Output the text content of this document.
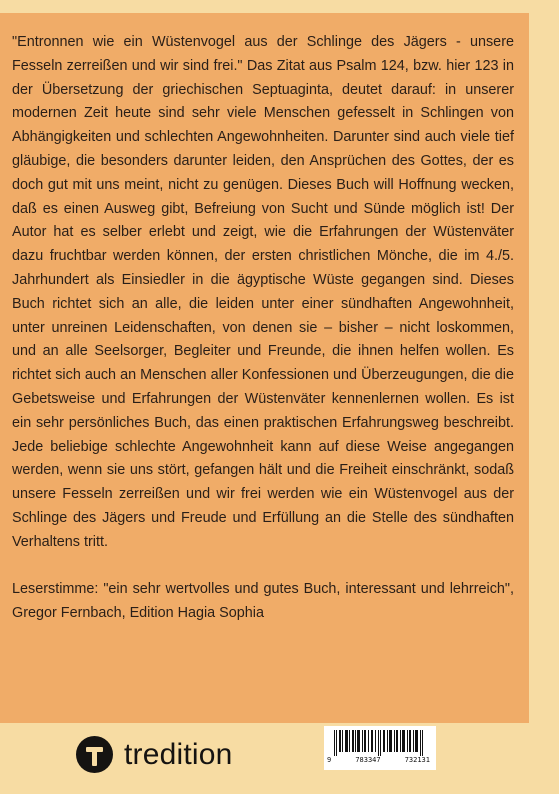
"Entronnen wie ein Wüstenvogel aus der Schlinge des Jägers - unsere Fesseln zerreißen und wir sind frei." Das Zitat aus Psalm 124, bzw. hier 123 in der Übersetzung der griechischen Septuaginta, deutet darauf: in unserer modernen Zeit heute sind sehr viele Menschen gefesselt in Schlingen von Abhängigkeiten und schlechten Angewohnheiten. Darunter sind auch viele tief gläubige, die besonders darunter leiden, den Ansprüchen des Gottes, der es doch gut mit uns meint, nicht zu genügen. Dieses Buch will Hoffnung wecken, daß es einen Ausweg gibt, Befreiung von Sucht und Sünde möglich ist! Der Autor hat es selber erlebt und zeigt, wie die Erfahrungen der Wüstenväter dazu fruchtbar werden können, der ersten christlichen Mönche, die im 4./5. Jahrhundert als Einsiedler in die ägyptische Wüste gegangen sind. Dieses Buch richtet sich an alle, die leiden unter einer sündhaften Angewohnheit, unter unreinen Leidenschaften, von denen sie – bisher – nicht loskommen, und an alle Seelsorger, Begleiter und Freunde, die ihnen helfen wollen. Es richtet sich auch an Menschen aller Konfessionen und Überzeugungen, die die Gebetsweise und Erfahrungen der Wüstenväter kennenlernen wollen. Es ist ein sehr persönliches Buch, das einen praktischen Erfahrungsweg beschreibt. Jede beliebige schlechte Angewohnheit kann auf diese Weise angegangen werden, wenn sie uns stört, gefangen hält und die Freiheit einschränkt, sodaß unsere Fesseln zerreißen und wir frei werden wie ein Wüstenvogel aus der Schlinge des Jägers und Freude und Erfüllung an die Stelle des sündhaften Verhaltens tritt.

Leserstimme: "ein sehr wertvolles und gutes Buch, interessant und lehrreich", Gregor Fernbach, Edition Hagia Sophia

tredition	9	783347	732131
